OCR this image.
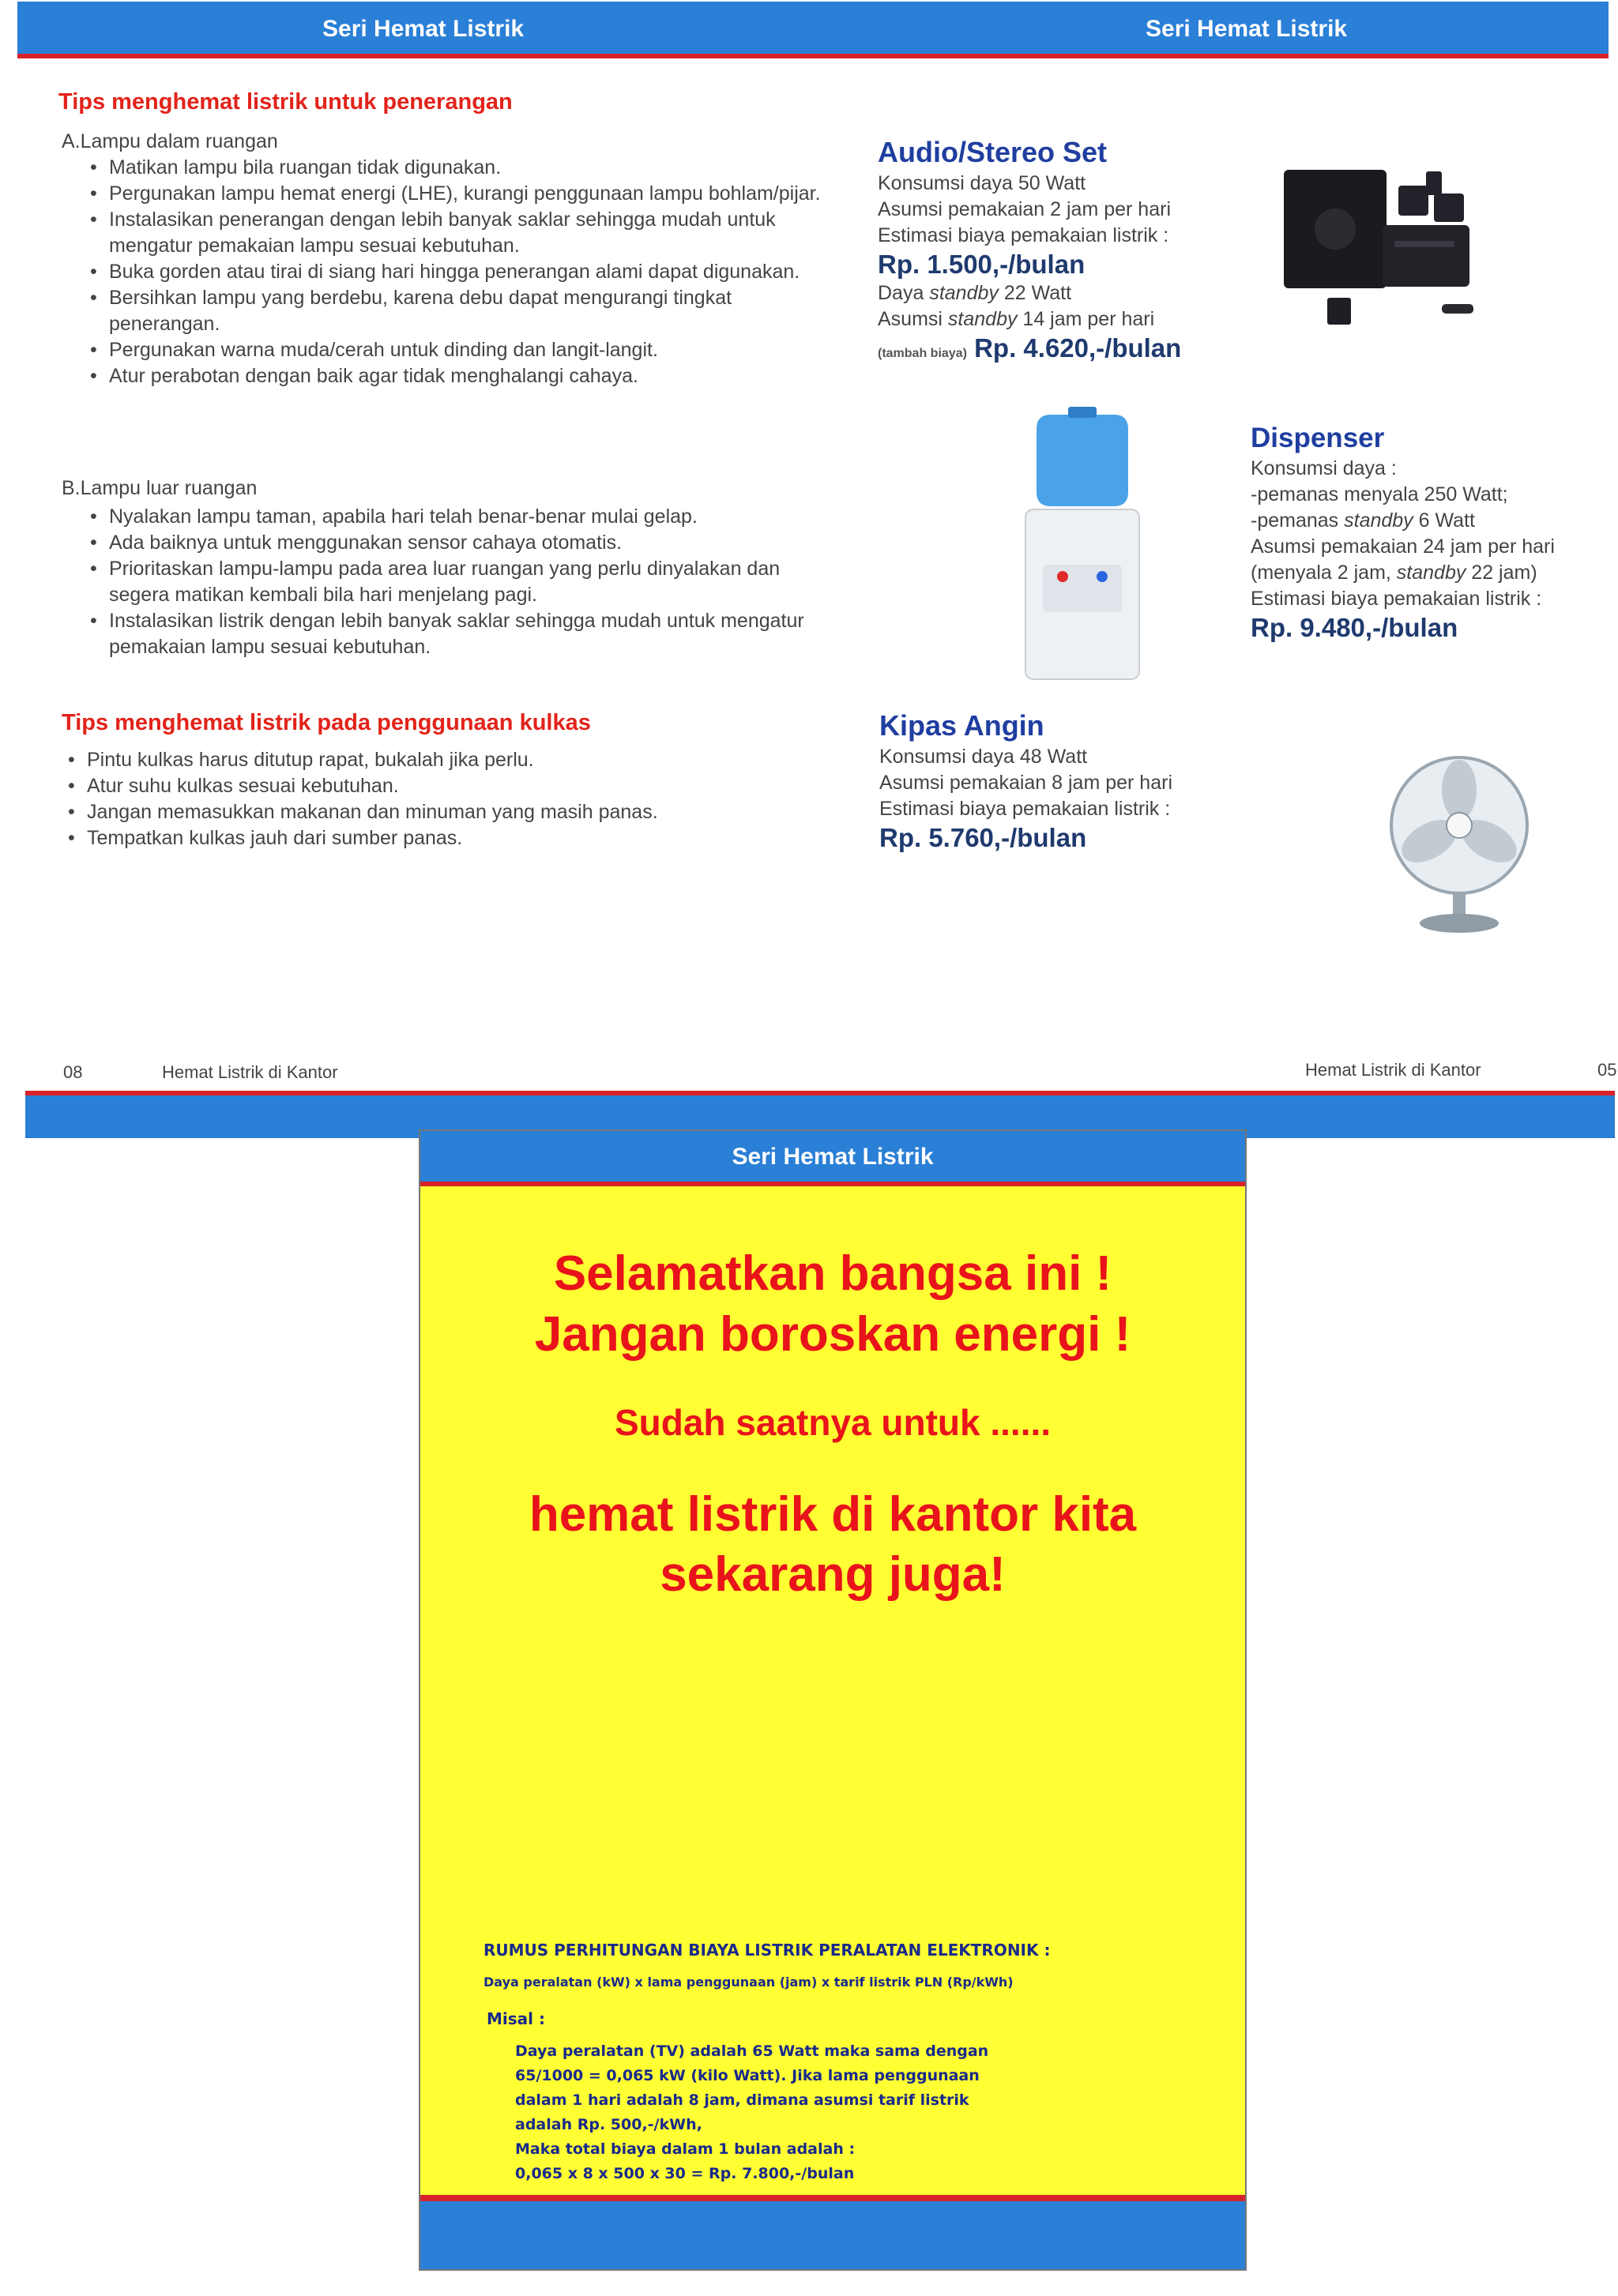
Seri Hemat Listrik	Seri Hemat Listrik
Tips menghemat listrik untuk penerangan
A.Lampu dalam ruangan
• Matikan lampu bila ruangan tidak digunakan.
• Pergunakan lampu hemat energi (LHE), kurangi penggunaan lampu bohlam/pijar.
• Instalasikan penerangan dengan lebih banyak saklar sehingga mudah untuk mengatur pemakaian lampu sesuai kebutuhan.
• Buka gorden atau tirai di siang hari hingga penerangan alami dapat digunakan.
• Bersihkan lampu yang berdebu, karena debu dapat mengurangi tingkat penerangan.
• Pergunakan warna muda/cerah untuk dinding dan langit-langit.
• Atur perabotan dengan baik agar tidak menghalangi cahaya.
B.Lampu luar ruangan
• Nyalakan lampu taman, apabila hari telah benar-benar mulai gelap.
• Ada baiknya untuk menggunakan sensor cahaya otomatis.
• Prioritaskan lampu-lampu pada area luar ruangan yang perlu dinyalakan dan segera matikan kembali bila hari menjelang pagi.
• Instalasikan listrik dengan lebih banyak saklar sehingga mudah untuk mengatur pemakaian lampu sesuai kebutuhan.
Tips menghemat listrik pada penggunaan kulkas
• Pintu kulkas harus ditutup rapat, bukalah jika perlu.
• Atur suhu kulkas sesuai kebutuhan.
• Jangan memasukkan makanan dan minuman yang masih panas.
• Tempatkan kulkas jauh dari sumber panas.
Audio/Stereo Set
Konsumsi daya 50 Watt
Asumsi pemakaian 2 jam per hari
Estimasi biaya pemakaian listrik :
Rp. 1.500,-/bulan
Daya standby 22 Watt
Asumsi standby 14 jam per hari
(tambah biaya) Rp. 4.620,-/bulan
Dispenser
Konsumsi daya :
-pemanas menyala 250 Watt;
-pemanas standby 6 Watt
Asumsi pemakaian 24 jam per hari
(menyala 2 jam, standby 22 jam)
Estimasi biaya pemakaian listrik :
Rp. 9.480,-/bulan
Kipas Angin
Konsumsi daya 48 Watt
Asumsi pemakaian 8 jam per hari
Estimasi biaya pemakaian listrik :
Rp. 5.760,-/bulan
08	Hemat Listrik di Kantor	Hemat Listrik di Kantor	05
Seri Hemat Listrik
Selamatkan bangsa ini !
Jangan boroskan energi !
Sudah saatnya untuk ......
hemat listrik di kantor kita
sekarang juga!
RUMUS PERHITUNGAN BIAYA LISTRIK PERALATAN ELEKTRONIK :
Daya peralatan (kW) x lama penggunaan (jam) x tarif listrik PLN (Rp/kWh)
Misal :
Daya peralatan (TV) adalah 65 Watt maka sama dengan
65/1000 = 0,065 kW (kilo Watt). Jika lama penggunaan
dalam 1 hari adalah 8 jam, dimana asumsi tarif listrik
adalah Rp. 500,-/kWh,
Maka total biaya dalam 1 bulan adalah :
0,065 x 8 x 500 x 30 = Rp. 7.800,-/bulan
